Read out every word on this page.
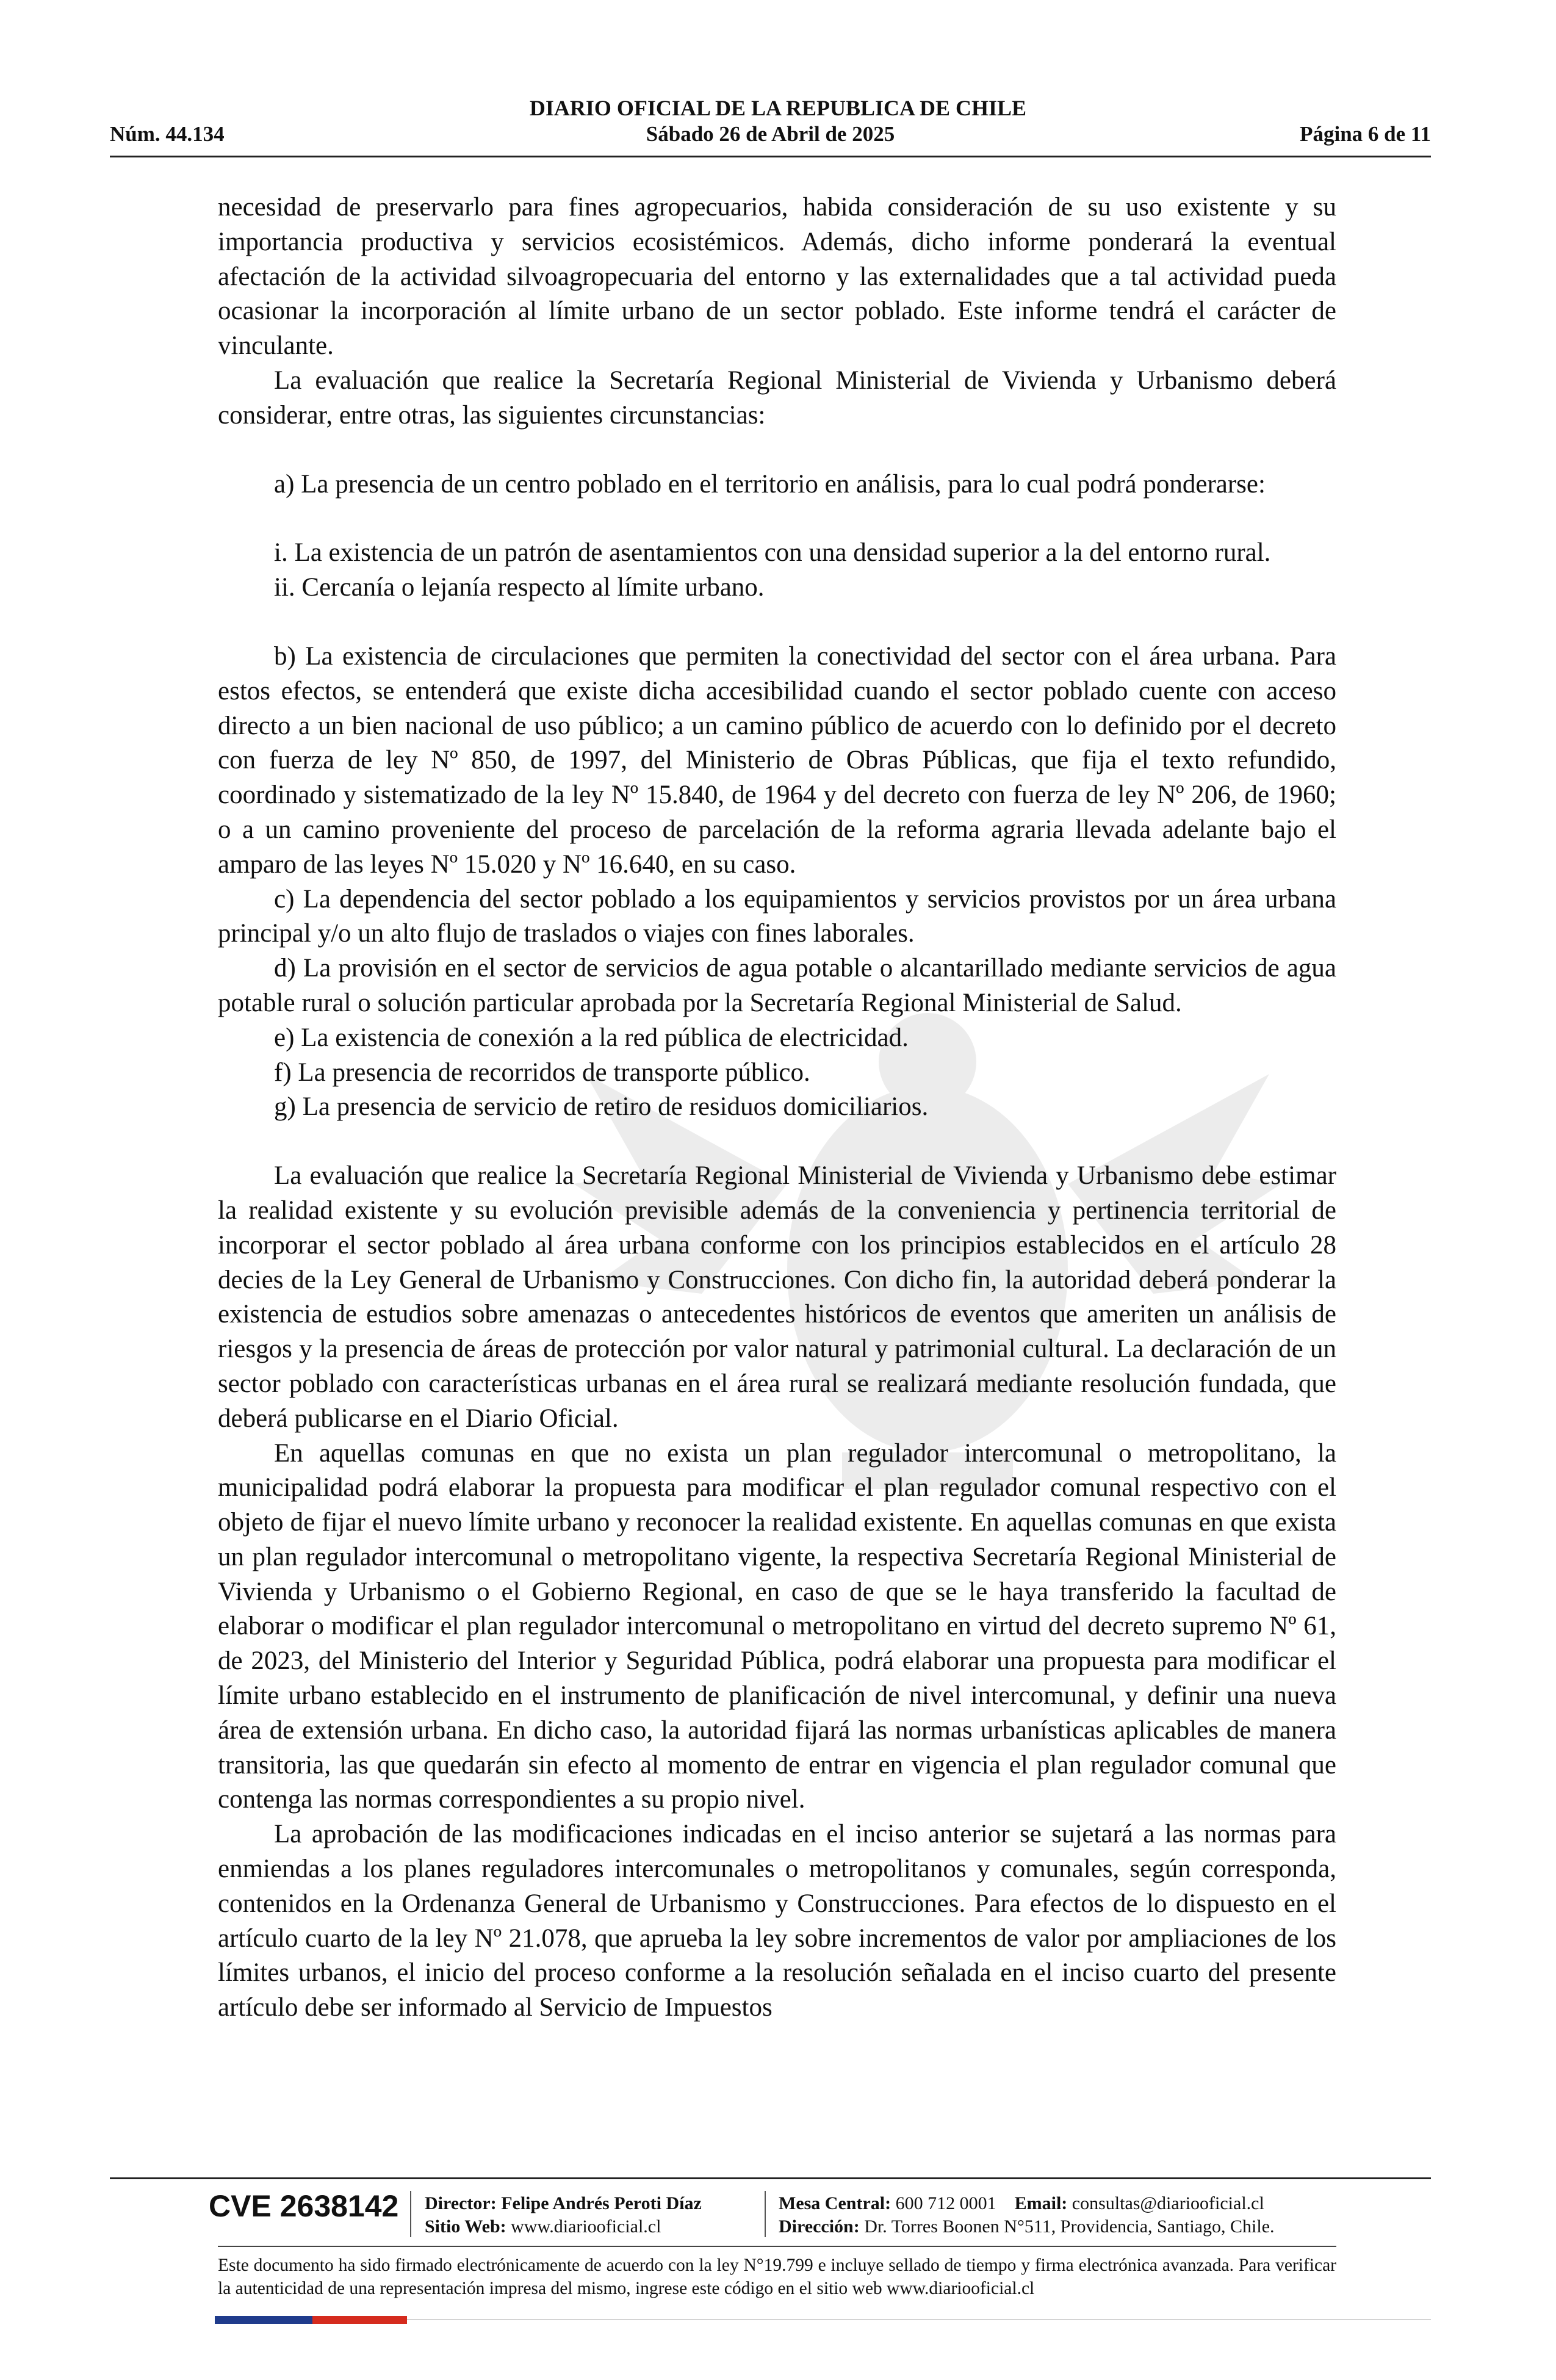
DIARIO OFICIAL DE LA REPUBLICA DE CHILE
Núm. 44.134	Sábado 26 de Abril de 2025	Página 6 de 11

necesidad de preservarlo para fines agropecuarios, habida consideración de su uso existente y su importancia productiva y servicios ecosistémicos. Además, dicho informe ponderará la eventual afectación de la actividad silvoagropecuaria del entorno y las externalidades que a tal actividad pueda ocasionar la incorporación al límite urbano de un sector poblado. Este informe tendrá el carácter de vinculante.

La evaluación que realice la Secretaría Regional Ministerial de Vivienda y Urbanismo deberá considerar, entre otras, las siguientes circunstancias:

a) La presencia de un centro poblado en el territorio en análisis, para lo cual podrá ponderarse:

i. La existencia de un patrón de asentamientos con una densidad superior a la del entorno rural.

ii. Cercanía o lejanía respecto al límite urbano.

b) La existencia de circulaciones que permiten la conectividad del sector con el área urbana. Para estos efectos, se entenderá que existe dicha accesibilidad cuando el sector poblado cuente con acceso directo a un bien nacional de uso público; a un camino público de acuerdo con lo definido por el decreto con fuerza de ley Nº 850, de 1997, del Ministerio de Obras Públicas, que fija el texto refundido, coordinado y sistematizado de la ley Nº 15.840, de 1964 y del decreto con fuerza de ley Nº 206, de 1960; o a un camino proveniente del proceso de parcelación de la reforma agraria llevada adelante bajo el amparo de las leyes Nº 15.020 y Nº 16.640, en su caso.

c) La dependencia del sector poblado a los equipamientos y servicios provistos por un área urbana principal y/o un alto flujo de traslados o viajes con fines laborales.

d) La provisión en el sector de servicios de agua potable o alcantarillado mediante servicios de agua potable rural o solución particular aprobada por la Secretaría Regional Ministerial de Salud.

e) La existencia de conexión a la red pública de electricidad.

f) La presencia de recorridos de transporte público.

g) La presencia de servicio de retiro de residuos domiciliarios.

La evaluación que realice la Secretaría Regional Ministerial de Vivienda y Urbanismo debe estimar la realidad existente y su evolución previsible además de la conveniencia y pertinencia territorial de incorporar el sector poblado al área urbana conforme con los principios establecidos en el artículo 28 decies de la Ley General de Urbanismo y Construcciones. Con dicho fin, la autoridad deberá ponderar la existencia de estudios sobre amenazas o antecedentes históricos de eventos que ameriten un análisis de riesgos y la presencia de áreas de protección por valor natural y patrimonial cultural. La declaración de un sector poblado con características urbanas en el área rural se realizará mediante resolución fundada, que deberá publicarse en el Diario Oficial.

En aquellas comunas en que no exista un plan regulador intercomunal o metropolitano, la municipalidad podrá elaborar la propuesta para modificar el plan regulador comunal respectivo con el objeto de fijar el nuevo límite urbano y reconocer la realidad existente. En aquellas comunas en que exista un plan regulador intercomunal o metropolitano vigente, la respectiva Secretaría Regional Ministerial de Vivienda y Urbanismo o el Gobierno Regional, en caso de que se le haya transferido la facultad de elaborar o modificar el plan regulador intercomunal o metropolitano en virtud del decreto supremo Nº 61, de 2023, del Ministerio del Interior y Seguridad Pública, podrá elaborar una propuesta para modificar el límite urbano establecido en el instrumento de planificación de nivel intercomunal, y definir una nueva área de extensión urbana. En dicho caso, la autoridad fijará las normas urbanísticas aplicables de manera transitoria, las que quedarán sin efecto al momento de entrar en vigencia el plan regulador comunal que contenga las normas correspondientes a su propio nivel.

La aprobación de las modificaciones indicadas en el inciso anterior se sujetará a las normas para enmiendas a los planes reguladores intercomunales o metropolitanos y comunales, según corresponda, contenidos en la Ordenanza General de Urbanismo y Construcciones. Para efectos de lo dispuesto en el artículo cuarto de la ley Nº 21.078, que aprueba la ley sobre incrementos de valor por ampliaciones de los límites urbanos, el inicio del proceso conforme a la resolución señalada en el inciso cuarto del presente artículo debe ser informado al Servicio de Impuestos

CVE 2638142 Director: Felipe Andrés Peroti Díaz
Sitio Web: www.diariooficial.cl
Mesa Central: 600 712 0001 Email: consultas@diariooficial.cl
Dirección: Dr. Torres Boonen N°511, Providencia, Santiago, Chile.
Este documento ha sido firmado electrónicamente de acuerdo con la ley N°19.799 e incluye sellado de tiempo y firma electrónica avanzada. Para verificar la autenticidad de una representación impresa del mismo, ingrese este código en el sitio web www.diariooficial.cl
